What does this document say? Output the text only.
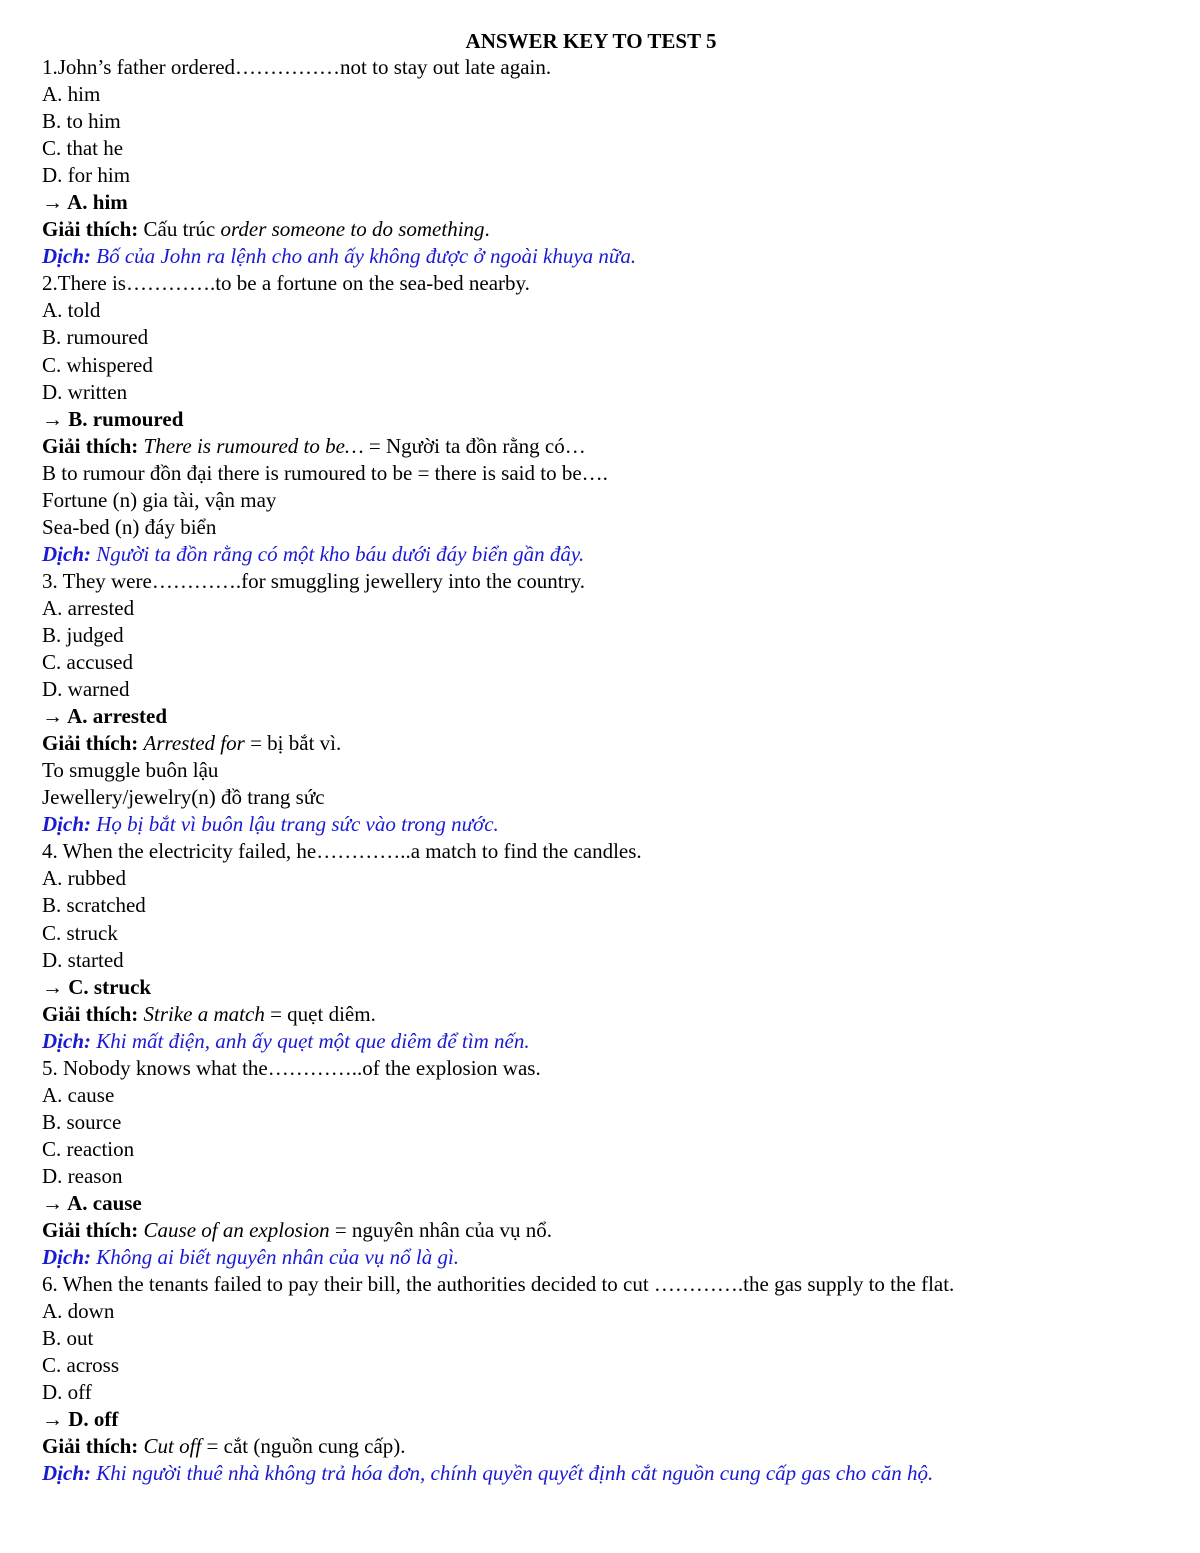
ANSWER KEY TO TEST 5
1.John’s father ordered……………not to stay out late again.
A. him
B. to him
C. that he
D. for him
→ A. him
Giải thích: Cấu trúc order someone to do something.
Dịch: Bố của John ra lệnh cho anh ấy không được ở ngoài khuya nữa.
2.There is………….to be a fortune on the sea-bed nearby.
A. told
B. rumoured
C. whispered
D. written
→ B. rumoured
Giải thích: There is rumoured to be… = Người ta đồn rằng có…
B to rumour đồn đại there is rumoured to be = there is said to be….
Fortune (n) gia tài, vận may
Sea-bed (n) đáy biển
Dịch: Người ta đồn rằng có một kho báu dưới đáy biển gần đây.
3. They were………….for smuggling jewellery into the country.
A. arrested
B. judged
C. accused
D. warned
→ A. arrested
Giải thích: Arrested for = bị bắt vì.
To smuggle buôn lậu
Jewellery/jewelry(n) đồ trang sức
Dịch: Họ bị bắt vì buôn lậu trang sức vào trong nước.
4. When the electricity failed, he…………..a match to find the candles.
A. rubbed
B. scratched
C. struck
D. started
→ C. struck
Giải thích: Strike a match = quẹt diêm.
Dịch: Khi mất điện, anh ấy quẹt một que diêm để tìm nến.
5. Nobody knows what the…………..of the explosion was.
A. cause
B. source
C. reaction
D. reason
→ A. cause
Giải thích: Cause of an explosion = nguyên nhân của vụ nổ.
Dịch: Không ai biết nguyên nhân của vụ nổ là gì.
6. When the tenants failed to pay their bill, the authorities decided to cut ………….the gas supply to the flat.
A. down
B. out
C. across
D. off
→ D. off
Giải thích: Cut off = cắt (nguồn cung cấp).
Dịch: Khi người thuê nhà không trả hóa đơn, chính quyền quyết định cắt nguồn cung cấp gas cho căn hộ.
